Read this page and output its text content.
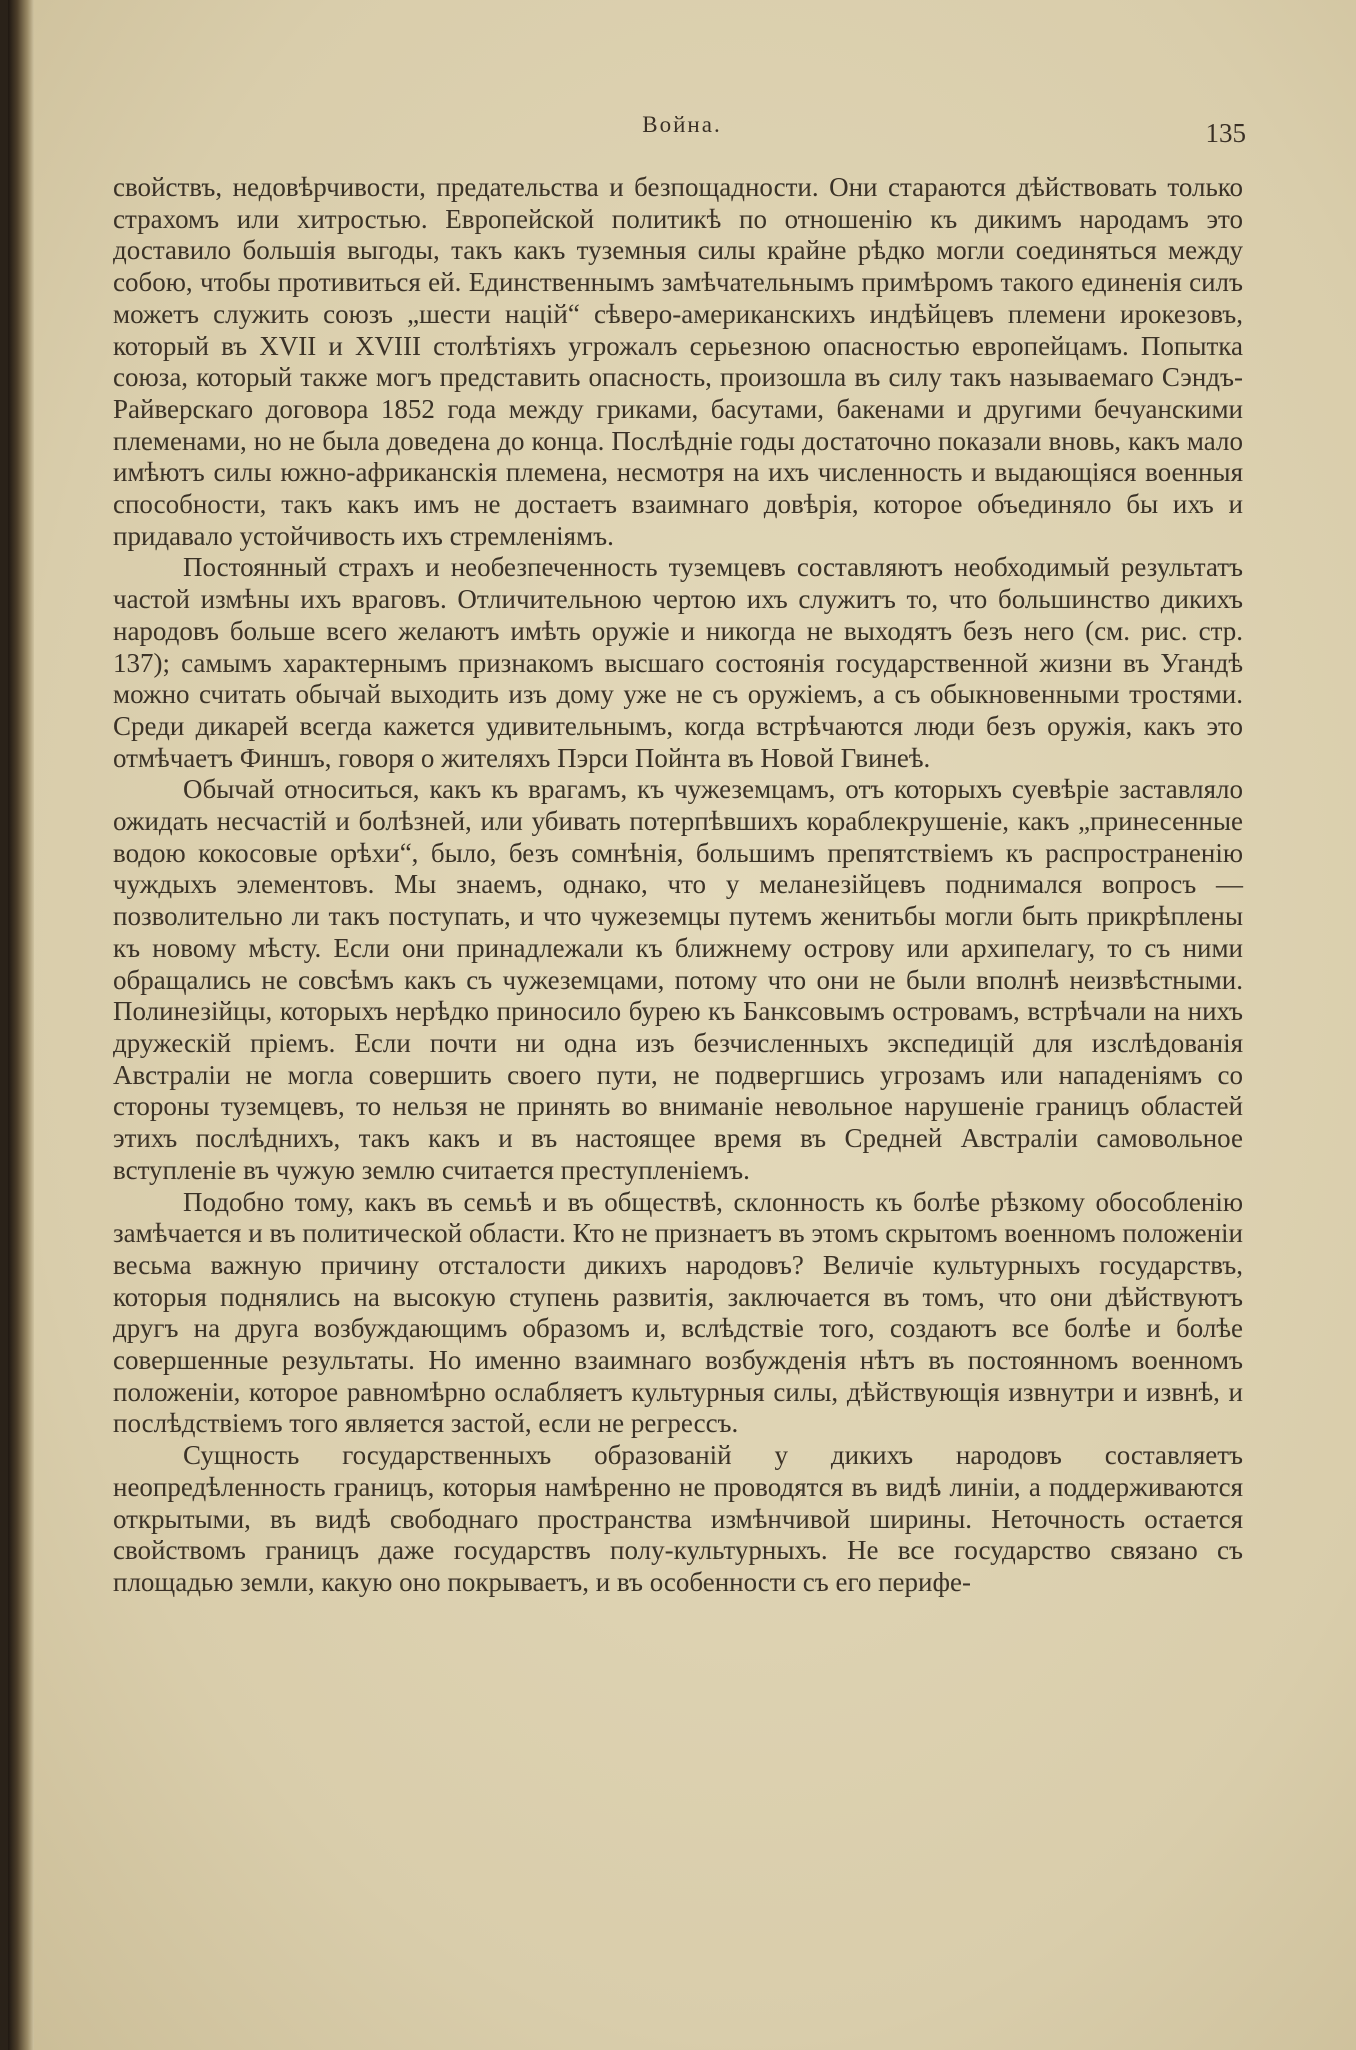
Война.	135

свойствъ, недовѣрчивости, предательства и безпощадности. Они стараются дѣйствовать только страхомъ или хитростью. Европейской политикѣ по отношенію къ дикимъ народамъ это доставило большія выгоды, такъ какъ туземныя силы крайне рѣдко могли соединяться между собою, чтобы противиться ей. Единственнымъ замѣчательнымъ примѣромъ такого единенія силъ можетъ служить союзъ „шести націй“ сѣверо-американскихъ индѣйцевъ племени ирокезовъ, который въ XVII и XVIII столѣтіяхъ угрожалъ серьезною опасностью европейцамъ. Попытка союза, который также могъ представить опасность, произошла въ силу такъ называемаго Сэндъ-Райверскаго договора 1852 года между гриками, басутами, бакенами и другими бечуанскими племенами, но не была доведена до конца. Послѣдніе годы достаточно показали вновь, какъ мало имѣютъ силы южно-африканскія племена, несмотря на ихъ численность и выдающіяся военныя способности, такъ какъ имъ не достаетъ взаимнаго довѣрія, которое объединяло бы ихъ и придавало устойчивость ихъ стремленіямъ.

Постоянный страхъ и необезпеченность туземцевъ составляютъ необходимый результатъ частой измѣны ихъ враговъ. Отличительною чертою ихъ служитъ то, что большинство дикихъ народовъ больше всего желаютъ имѣть оружіе и никогда не выходятъ безъ него (см. рис. стр. 137); самымъ характернымъ признакомъ высшаго состоянія государственной жизни въ Угандѣ можно считать обычай выходить изъ дому уже не съ оружіемъ, а съ обыкновенными тростями. Среди дикарей всегда кажется удивительнымъ, когда встрѣчаются люди безъ оружія, какъ это отмѣчаетъ Финшъ, говоря о жителяхъ Пэрси Пойнта въ Новой Гвинеѣ.

Обычай относиться, какъ къ врагамъ, къ чужеземцамъ, отъ которыхъ суевѣріе заставляло ожидать несчастій и болѣзней, или убивать потерпѣвшихъ кораблекрушеніе, какъ „принесенные водою кокосовые орѣхи“, было, безъ сомнѣнія, большимъ препятствіемъ къ распространенію чуждыхъ элементовъ. Мы знаемъ, однако, что у меланезійцевъ поднимался вопросъ — позволительно ли такъ поступать, и что чужеземцы путемъ женитьбы могли быть прикрѣплены къ новому мѣсту. Если они принадлежали къ ближнему острову или архипелагу, то съ ними обращались не совсѣмъ какъ съ чужеземцами, потому что они не были вполнѣ неизвѣстными. Полинезійцы, которыхъ нерѣдко приносило бурею къ Банксовымъ островамъ, встрѣчали на нихъ дружескій пріемъ. Если почти ни одна изъ безчисленныхъ экспедицій для изслѣдованія Австраліи не могла совершить своего пути, не подвергшись угрозамъ или нападеніямъ со стороны туземцевъ, то нельзя не принять во вниманіе невольное нарушеніе границъ областей этихъ послѣднихъ, такъ какъ и въ настоящее время въ Средней Австраліи самовольное вступленіе въ чужую землю считается преступленіемъ.

Подобно тому, какъ въ семьѣ и въ обществѣ, склонность къ болѣе рѣзкому обособленію замѣчается и въ политической области. Кто не признаетъ въ этомъ скрытомъ военномъ положеніи весьма важную причину отсталости дикихъ народовъ? Величіе культурныхъ государствъ, которыя поднялись на высокую ступень развитія, заключается въ томъ, что они дѣйствуютъ другъ на друга возбуждающимъ образомъ и, вслѣдствіе того, создаютъ все болѣе и болѣе совершенные результаты. Но именно взаимнаго возбужденія нѣтъ въ постоянномъ военномъ положеніи, которое равномѣрно ослабляетъ культурныя силы, дѣйствующія извнутри и извнѣ, и послѣдствіемъ того является застой, если не регрессъ.

Сущность государственныхъ образованій у дикихъ народовъ составляетъ неопредѣленность границъ, которыя намѣренно не проводятся въ видѣ линіи, а поддерживаются открытыми, въ видѣ свободнаго пространства измѣнчивой ширины. Неточность остается свойствомъ границъ даже государствъ полу-культурныхъ. Не все государство связано съ площадью земли, какую оно покрываетъ, и въ особенности съ его перифе-
